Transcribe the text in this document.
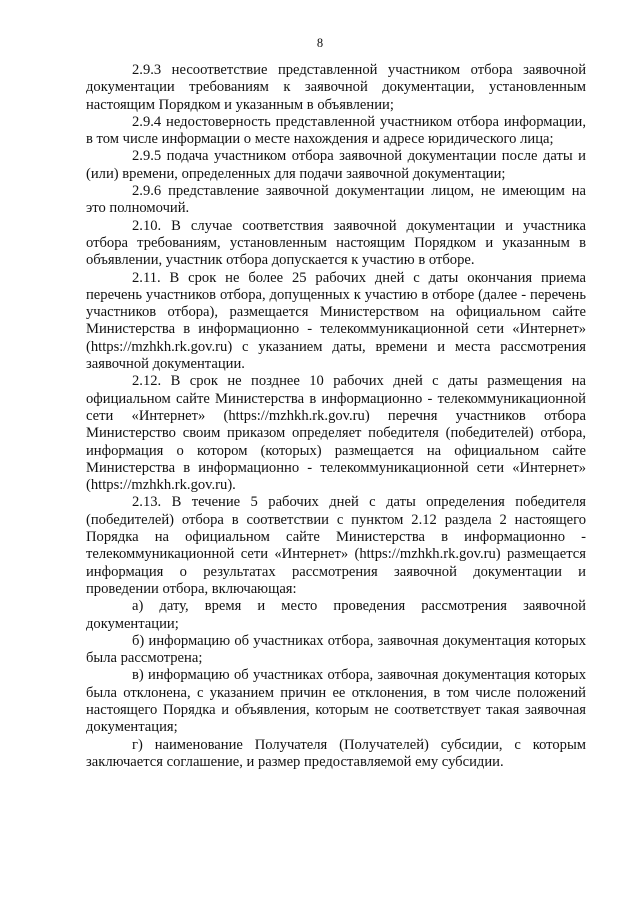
8

2.9.3 несоответствие представленной участником отбора заявочной документации требованиям к заявочной документации, установленным настоящим Порядком и указанным в объявлении;

2.9.4 недостоверность представленной участником отбора информации, в том числе информации о месте нахождения и адресе юридического лица;

2.9.5 подача участником отбора заявочной документации после даты и (или) времени, определенных для подачи заявочной документации;

2.9.6 представление заявочной документации лицом, не имеющим на это полномочий.

2.10. В случае соответствия заявочной документации и участника отбора требованиям, установленным настоящим Порядком и указанным в объявлении, участник отбора допускается к участию в отборе.

2.11. В срок не более 25 рабочих дней с даты окончания приема перечень участников отбора, допущенных к участию в отборе (далее - перечень участников отбора), размещается Министерством на официальном сайте Министерства в информационно - телекоммуникационной сети «Интернет» (https://mzhkh.rk.gov.ru) с указанием даты, времени и места рассмотрения заявочной документации.

2.12. В срок не позднее 10 рабочих дней с даты размещения на официальном сайте Министерства в информационно - телекоммуникационной сети «Интернет» (https://mzhkh.rk.gov.ru) перечня участников отбора Министерство своим приказом определяет победителя (победителей) отбора, информация о котором (которых) размещается на официальном сайте Министерства в информационно - телекоммуникационной сети «Интернет» (https://mzhkh.rk.gov.ru).

2.13. В течение 5 рабочих дней с даты определения победителя (победителей) отбора в соответствии с пунктом 2.12 раздела 2 настоящего Порядка на официальном сайте Министерства в информационно - телекоммуникационной сети «Интернет» (https://mzhkh.rk.gov.ru) размещается информация о результатах рассмотрения заявочной документации и проведении отбора, включающая:

а) дату, время и место проведения рассмотрения заявочной документации;

б) информацию об участниках отбора, заявочная документация которых была рассмотрена;

в) информацию об участниках отбора, заявочная документация которых была отклонена, с указанием причин ее отклонения, в том числе положений настоящего Порядка и объявления, которым не соответствует такая заявочная документация;

г) наименование Получателя (Получателей) субсидии, с которым заключается соглашение, и размер предоставляемой ему субсидии.
